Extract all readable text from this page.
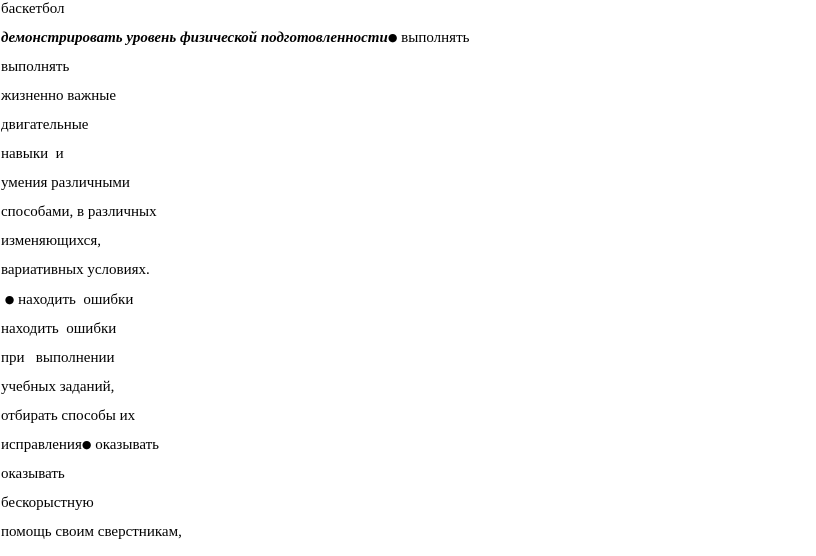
баскетбол
демонстрировать уровень физической подготовленности● выполнять
выполнять
жизненно важные
двигательные
навыки  и
умения различными
способами, в различных
изменяющихся,
вариативных условиях.
● находить  ошибки
находить  ошибки
при   выполнении
учебных заданий,
отбирать способы их
исправления● оказывать
оказывать
бескорыстную
помощь своим сверстникам,
